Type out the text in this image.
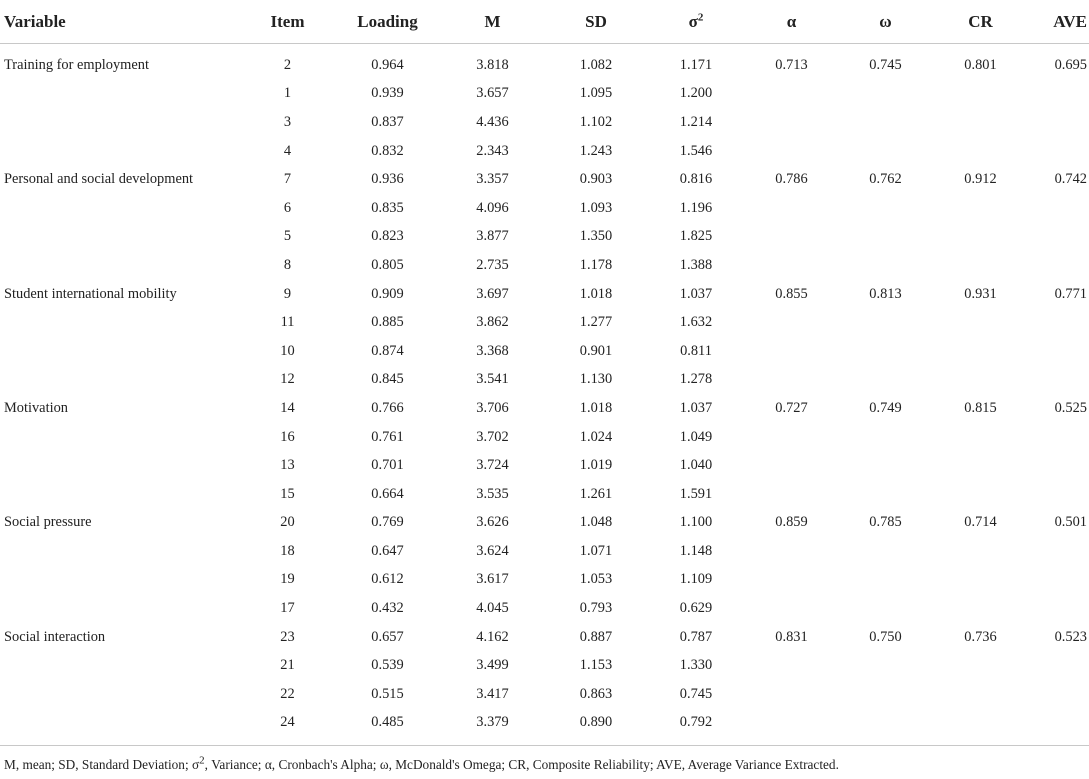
Variable	Item	Loading	M	SD	$\sigma^2$	α	ω	CR	AVE
Training for employment	2	0.964	3.818	1.082	1.171	0.713	0.745	0.801	0.695
	1	0.939	3.657	1.095	1.200				
	3	0.837	4.436	1.102	1.214				
	4	0.832	2.343	1.243	1.546				
Personal and social development	7	0.936	3.357	0.903	0.816	0.786	0.762	0.912	0.742
	6	0.835	4.096	1.093	1.196				
	5	0.823	3.877	1.350	1.825				
	8	0.805	2.735	1.178	1.388				
Student international mobility	9	0.909	3.697	1.018	1.037	0.855	0.813	0.931	0.771
	11	0.885	3.862	1.277	1.632				
	10	0.874	3.368	0.901	0.811				
	12	0.845	3.541	1.130	1.278				
Motivation	14	0.766	3.706	1.018	1.037	0.727	0.749	0.815	0.525
	16	0.761	3.702	1.024	1.049				
	13	0.701	3.724	1.019	1.040				
	15	0.664	3.535	1.261	1.591				
Social pressure	20	0.769	3.626	1.048	1.100	0.859	0.785	0.714	0.501
	18	0.647	3.624	1.071	1.148				
	19	0.612	3.617	1.053	1.109				
	17	0.432	4.045	0.793	0.629				
Social interaction	23	0.657	4.162	0.887	0.787	0.831	0.750	0.736	0.523
	21	0.539	3.499	1.153	1.330				
	22	0.515	3.417	0.863	0.745				
	24	0.485	3.379	0.890	0.792				
M, mean; SD, Standard Deviation; $\sigma^2$, Variance; α, Cronbach's Alpha; ω, McDonald's Omega; CR, Composite Reliability; AVE, Average Variance Extracted.
